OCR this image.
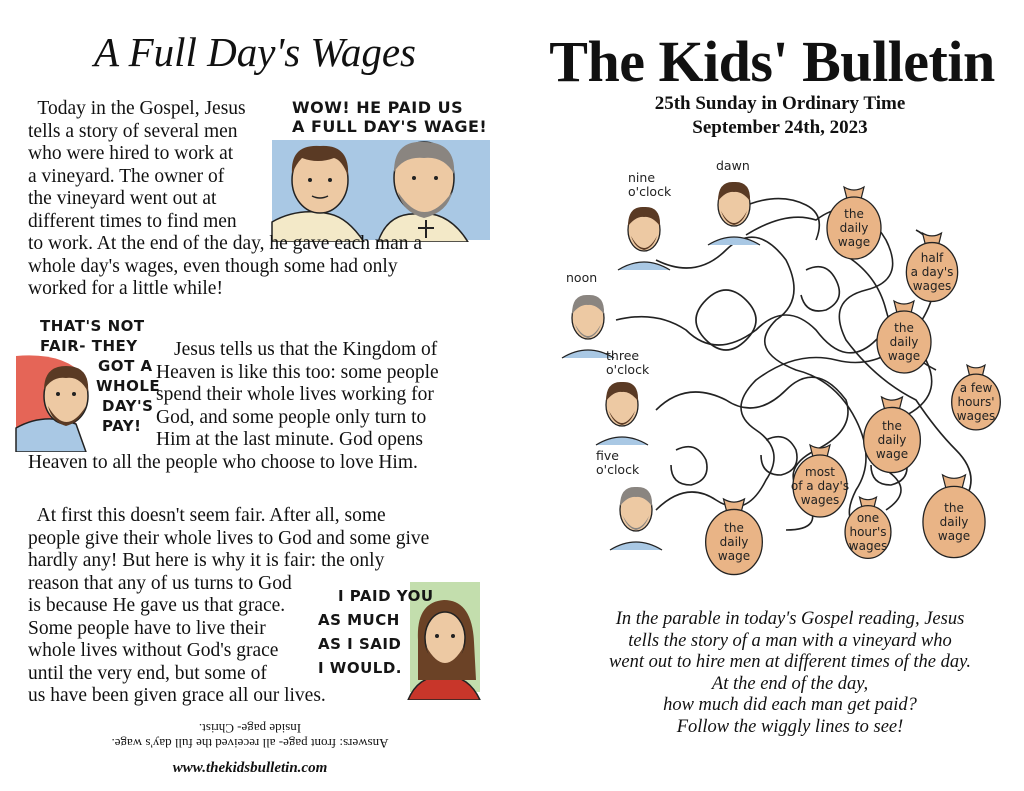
A Full Day's Wages
WOW! HE PAID US
A FULL DAY'S WAGE!
Today in the Gospel, Jesus
tells a story of several men
who were hired to work at
a vineyard. The owner of
the vineyard went out at
different times to find men
to work. At the end of the day, he gave each man a
whole day's wages, even though some had only
worked for a little while!
THAT'S NOT
FAIR- THEY
GOT A
WHOLE
DAY'S
PAY!
Jesus tells us that the Kingdom of
Heaven is like this too: some people
spend their whole lives working for
God, and some people only turn to
Him at the last minute. God opens
Heaven to all the people who choose to love Him.
At first this doesn't seem fair. After all, some
people give their whole lives to God and some give
hardly any! But here is why it is fair: the only
reason that any of us turns to God
is because He gave us that grace.
Some people have to live their
whole lives without God's grace
until the very end, but some of
us have been given grace all our lives.
I PAID YOU
AS MUCH
AS I SAID
I WOULD.
Answers: front page- all received the full day's wage.
Inside page- Christ.
www.thekidsbulletin.com
The Kids' Bulletin
25th Sunday in Ordinary Time
September 24th, 2023
dawn
nine
o'clock
noon
three
o'clock
five
o'clock
the
daily
wage
half
a day's
wages
the
daily
wage
a few
hours'
wages
the
daily
wage
most
of a day's
wages
the
daily
wage
one
hour's
wages
the
daily
wage
In the parable in today's Gospel reading, Jesus
tells the story of a man with a vineyard who
went out to hire men at different times of the day.
At the end of the day,
how much did each man get paid?
Follow the wiggly lines to see!
